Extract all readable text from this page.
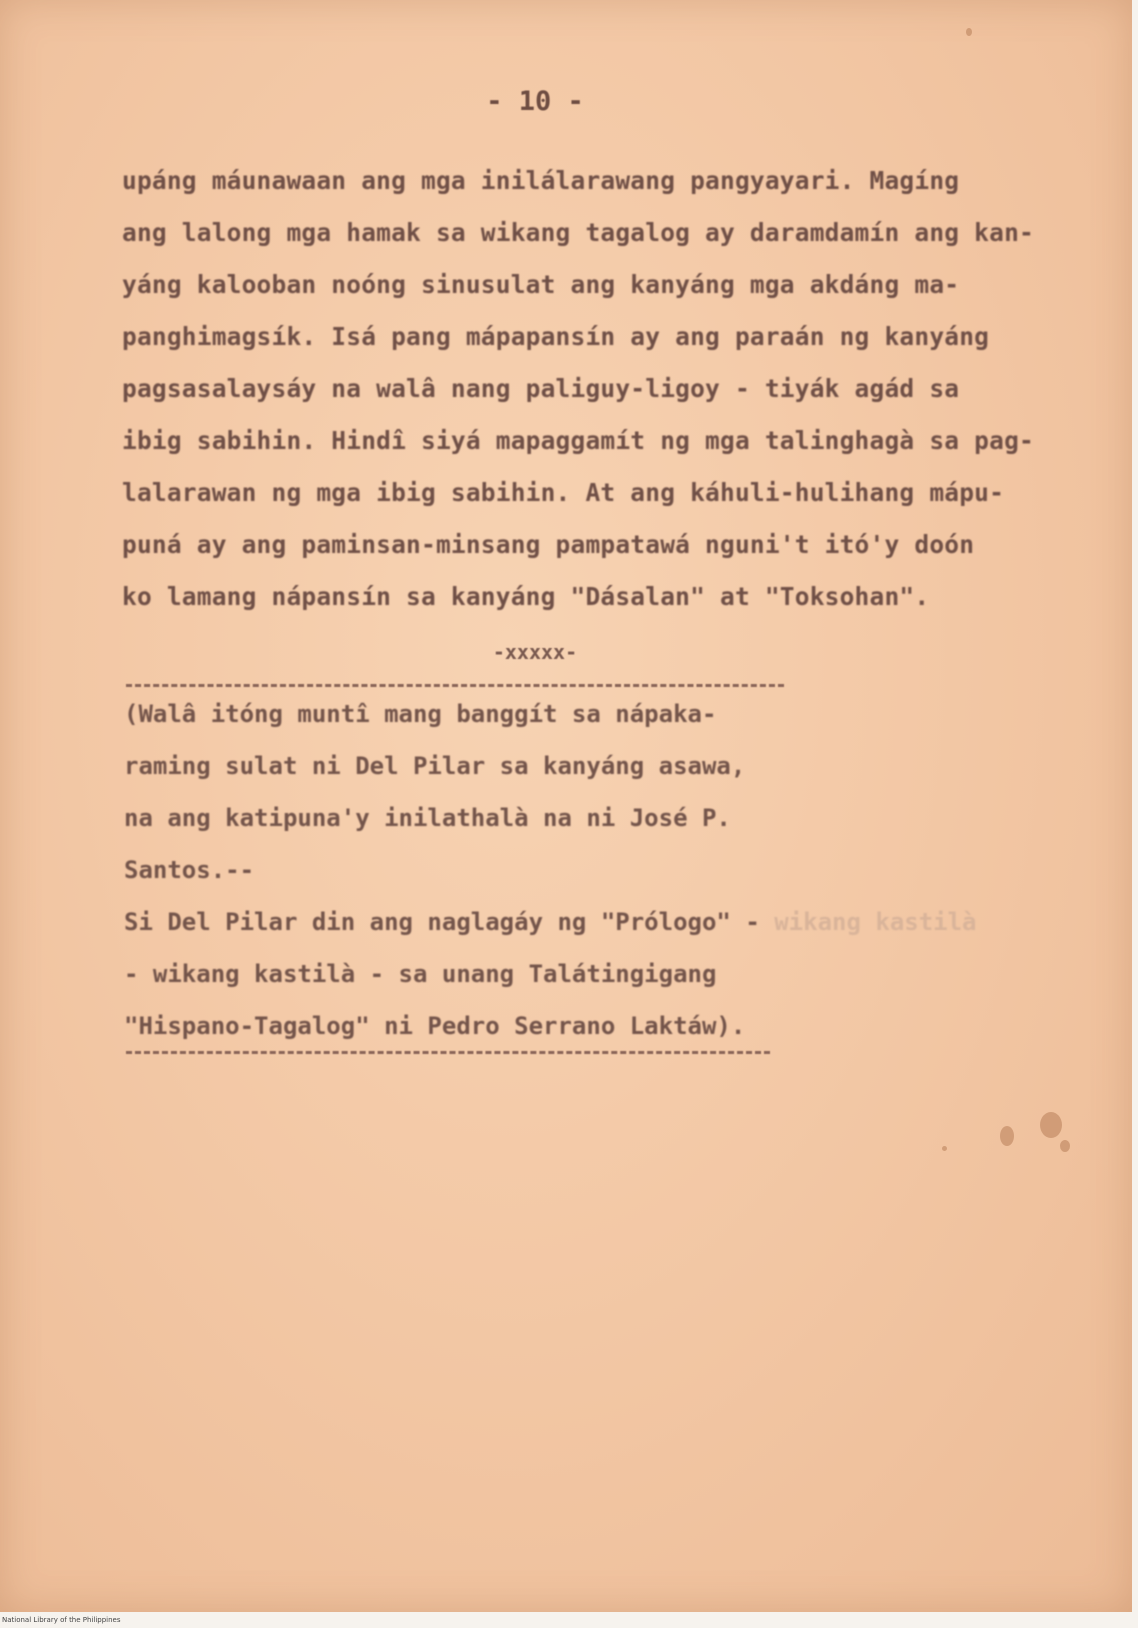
- 10 -
upáng máunawaan ang mga inilálarawang pangyayari. Magíng
ang lalong mga hamak sa wikang tagalog ay daramdamín ang kan-
yáng kalooban noóng sinusulat ang kanyáng mga akdáng ma-
panghimagsík. Isá pang mápapansín ay ang paraán ng kanyáng
pagsasalaysáy na walâ nang paliguy-ligoy - tiyák agád sa
ibig sabihin. Hindî siyá mapaggamít ng mga talinghagà sa pag-
lalarawan ng mga ibig sabihin. At ang káhuli-hulihang mápu-
puná ay ang paminsan-minsang pampatawá nguni't itó'y doón
ko lamang nápansín sa kanyáng "Dásalan" at "Toksohan".
-xxxxx-
(Walâ itóng muntî mang banggít sa nápaka-
raming sulat ni Del Pilar sa kanyáng asawa,
na ang katipuna'y inilathalà na ni José P.
Santos.--
Si Del Pilar din ang naglagáy ng "Prólogo" - wikang kastilà
- wikang kastilà - sa unang Talátingigang
"Hispano-Tagalog" ni Pedro Serrano Laktáw).
National Library of the Philippines
